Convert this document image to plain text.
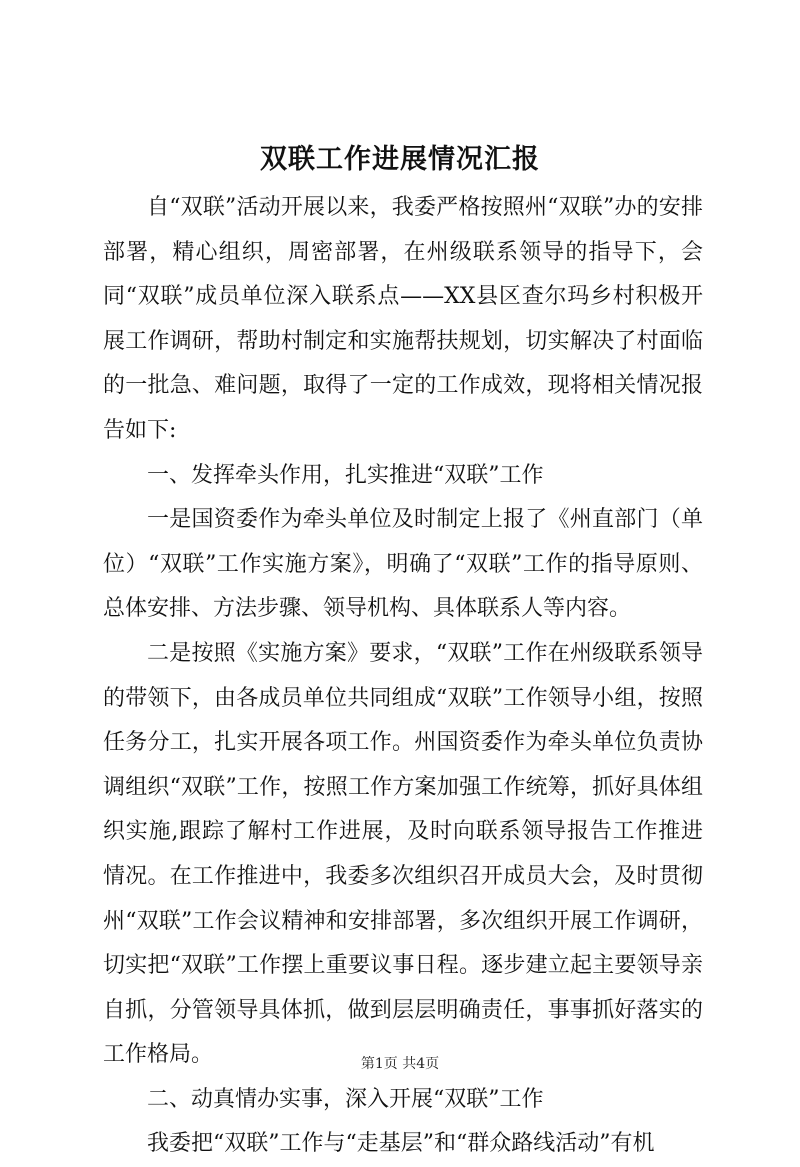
双联工作进展情况汇报

自“双联”活动开展以来，我委严格按照州“双联”办的安排部署，精心组织，周密部署，在州级联系领导的指导下，会同“双联”成员单位深入联系点——XX县区查尔玛乡村积极开展工作调研，帮助村制定和实施帮扶规划，切实解决了村面临的一批急、难问题，取得了一定的工作成效，现将相关情况报告如下:

一、发挥牵头作用，扎实推进“双联”工作

一是国资委作为牵头单位及时制定上报了《州直部门（单位）“双联”工作实施方案》，明确了“双联”工作的指导原则、总体安排、方法步骤、领导机构、具体联系人等内容。

二是按照《实施方案》要求，“双联”工作在州级联系领导的带领下，由各成员单位共同组成“双联”工作领导小组，按照任务分工，扎实开展各项工作。州国资委作为牵头单位负责协调组织“双联”工作，按照工作方案加强工作统筹，抓好具体组织实施,跟踪了解村工作进展，及时向联系领导报告工作推进情况。在工作推进中，我委多次组织召开成员大会，及时贯彻州“双联”工作会议精神和安排部署，多次组织开展工作调研，切实把“双联”工作摆上重要议事日程。逐步建立起主要领导亲自抓，分管领导具体抓，做到层层明确责任，事事抓好落实的工作格局。

二、动真情办实事，深入开展“双联”工作

我委把“双联”工作与“走基层”和“群众路线活动”有机

第1页 共4页
